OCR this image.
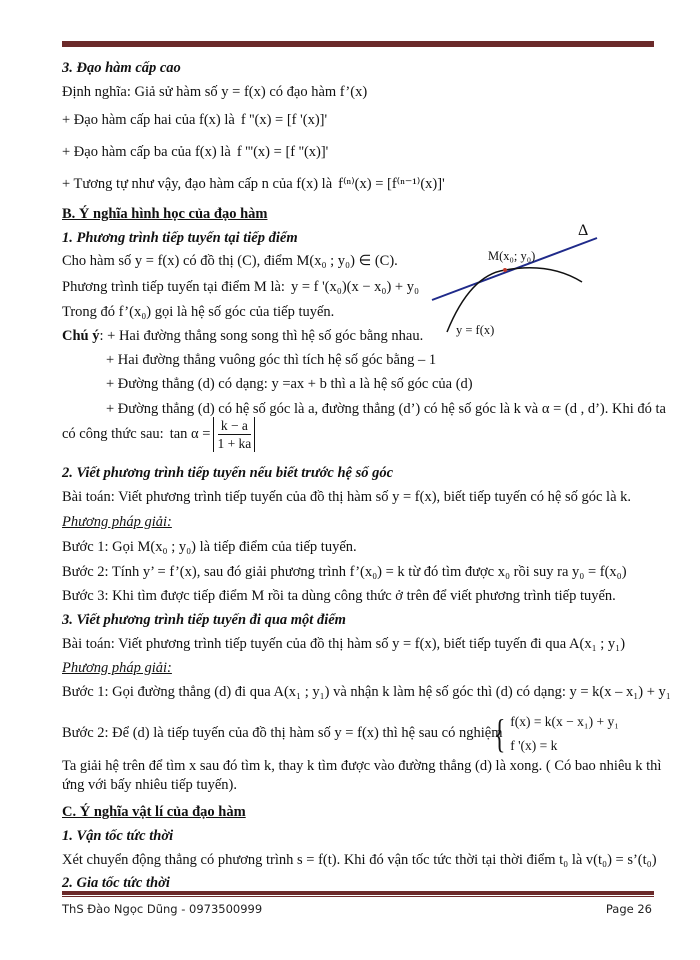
3. Đạo hàm cấp cao
Định nghĩa: Giả sử hàm số y = f(x) có đạo hàm f’(x)
+ Đạo hàm cấp hai của f(x) là f ''(x) = [f '(x)]'
+ Đạo hàm cấp ba của f(x) là f '''(x) = [f ''(x)]'
+ Tương tự như vậy, đạo hàm cấp n của f(x) là f⁽ⁿ⁾(x) = [f⁽ⁿ⁻¹⁾(x)]'
B. Ý nghĩa hình học của đạo hàm
1. Phương trình tiếp tuyến tại tiếp điểm
Cho hàm số y = f(x) có đồ thị (C), điểm M(x₀ ; y₀) ∈ (C).
Phương trình tiếp tuyến tại điểm M là: y = f '(x₀)(x − x₀) + y₀
Trong đó f’(x₀) gọi là hệ số góc của tiếp tuyến.
Chú ý: + Hai đường thẳng song song thì hệ số góc bằng nhau.
+ Hai đường thẳng vuông góc thì tích hệ số góc bằng – 1
+ Đường thẳng (d) có dạng: y =ax + b thì a là hệ số góc của (d)
+ Đường thẳng (d) có hệ số góc là a, đường thẳng (d’) có hệ số góc là k và α = (d , d’). Khi đó ta
có công thức sau: $\tan \alpha = \frac{k - a}{1 + ka}$
Δ
M(x₀; y₀)
y = f(x)
2. Viết phương trình tiếp tuyến nếu biết trước hệ số góc
Bài toán: Viết phương trình tiếp tuyến của đồ thị hàm số y = f(x), biết tiếp tuyến có hệ số góc là k.
Phương pháp giải:
Bước 1: Gọi M(x₀ ; y₀) là tiếp điểm của tiếp tuyến.
Bước 2: Tính y’ = f’(x), sau đó giải phương trình f’(x₀) = k từ đó tìm được x₀ rồi suy ra y₀ = f(x₀)
Bước 3: Khi tìm được tiếp điểm M rồi ta dùng công thức ở trên để viết phương trình tiếp tuyến.
3. Viết phương trình tiếp tuyến đi qua một điểm
Bài toán: Viết phương trình tiếp tuyến của đồ thị hàm số y = f(x), biết tiếp tuyến đi qua A(x₁ ; y₁)
Phương pháp giải:
Bước 1: Gọi đường thẳng (d) đi qua A(x₁ ; y₁) và nhận k làm hệ số góc thì (d) có dạng: y = k(x – x₁) + y₁
Bước 2: Để (d) là tiếp tuyến của đồ thị hàm số y = f(x) thì hệ sau có nghiệm
{ f(x) = k(x − x₁) + y₁
f '(x) = k
Ta giải hệ trên để tìm x sau đó tìm k, thay k tìm được vào đường thẳng (d) là xong. ( Có bao nhiêu k thì
ứng với bấy nhiêu tiếp tuyến).
C. Ý nghĩa vật lí của đạo hàm
1. Vận tốc tức thời
Xét chuyển động thẳng có phương trình s = f(t). Khi đó vận tốc tức thời tại thời điểm t₀ là v(t₀) = s’(t₀)
2. Gia tốc tức thời
ThS Đào Ngọc Dũng - 0973500999	Page 26
